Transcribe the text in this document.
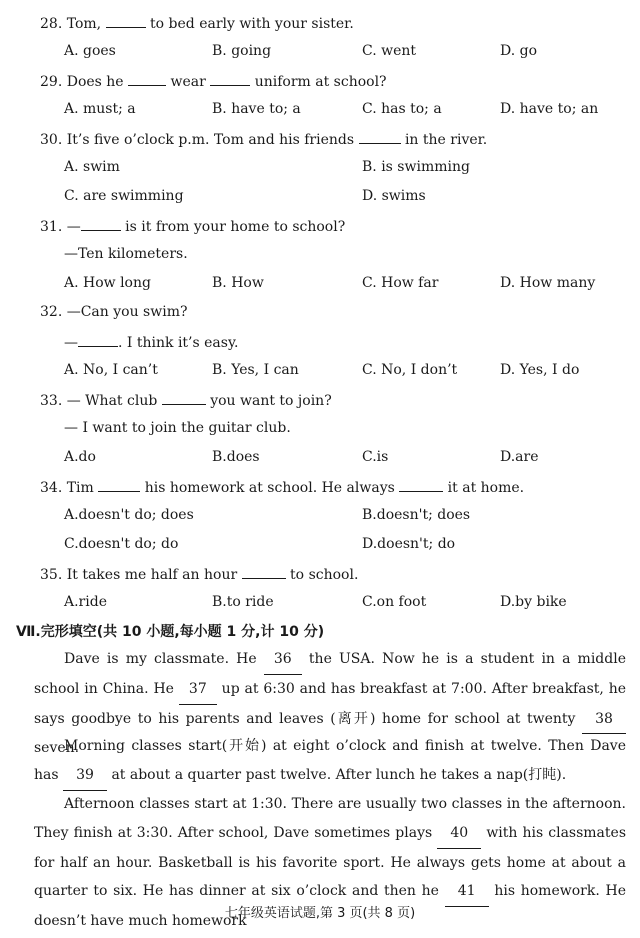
28. Tom,	to bed early with your sister.
A. goes	B. going	C. went	D. go
29. Does he	wear	uniform at school?
A. must; a	B. have to; a	C. has to; a	D. have to; an
30. It’s five o’clock p.m. Tom and his friends	in the river.
A. swim	B. is swimming
C. are swimming	D. swims
31. —	is it from your home to school?
—Ten kilometers.
A. How long	B. How	C. How far	D. How many
32. —Can you swim?
—	. I think it’s easy.
A. No, I can’t	B. Yes, I can	C. No, I don’t	D. Yes, I do
33. — What club	you want to join?
— I want to join the guitar club.
A.do	B.does	C.is	D.are
34. Tim	his homework at school. He always	it at home.
A.doesn't do; does	B.doesn't; does
C.doesn't do; do	D.doesn't; do
35. It takes me half an hour	to school.
A.ride	B.to ride	C.on foot	D.by bike
Ⅶ.完形填空(共 10 小题,每小题 1 分,计 10 分)
Dave is my classmate. He 36 the USA. Now he is a student in a middle school in China. He 37 up at 6:30 and has breakfast at 7:00. After breakfast, he says goodbye to his parents and leaves (离开) home for school at twenty 38 seven.
Morning classes start(开始) at eight o’clock and finish at twelve. Then Dave has 39 at about a quarter past twelve. After lunch he takes a nap(打盹).
Afternoon classes start at 1:30. There are usually two classes in the afternoon. They finish at 3:30. After school, Dave sometimes plays 40 with his classmates for half an hour. Basketball is his favorite sport. He always gets home at about a quarter to six. He has dinner at six o’clock and then he 41 his homework. He doesn’t have much homework
七年级英语试题,第 3 页(共 8 页)
